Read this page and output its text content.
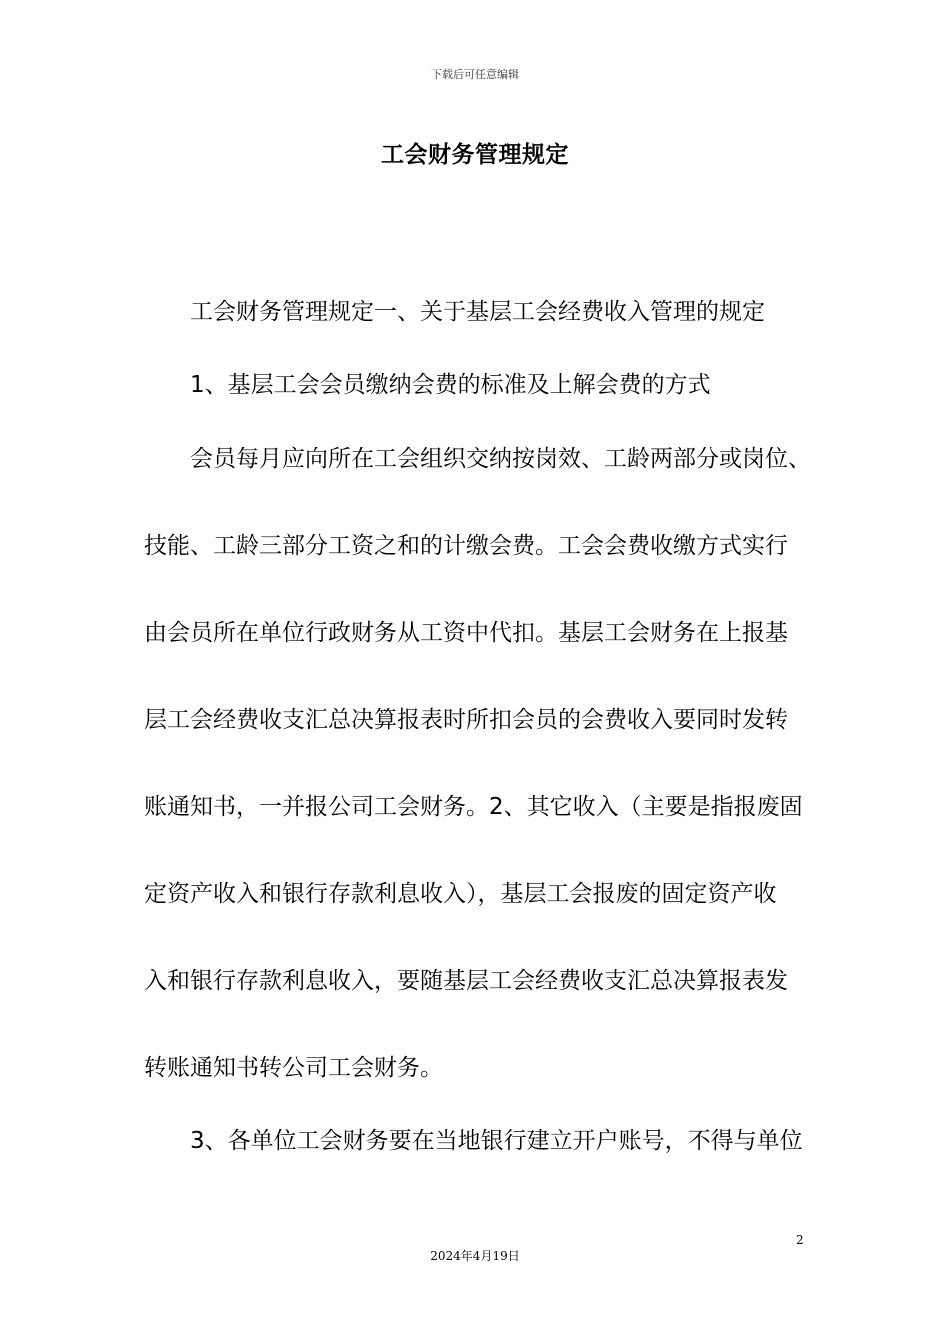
下载后可任意编辑
工会财务管理规定
工会财务管理规定一、关于基层工会经费收入管理的规定
1、基层工会会员缴纳会费的标准及上解会费的方式
会员每月应向所在工会组织交纳按岗效、工龄两部分或岗位、
技能、工龄三部分工资之和的计缴会费。工会会费收缴方式实行
由会员所在单位行政财务从工资中代扣。基层工会财务在上报基
层工会经费收支汇总决算报表时所扣会员的会费收入要同时发转
账通知书，一并报公司工会财务。2、其它收入（主要是指报废固
定资产收入和银行存款利息收入），基层工会报废的固定资产收
入和银行存款利息收入，要随基层工会经费收支汇总决算报表发
转账通知书转公司工会财务。
3、各单位工会财务要在当地银行建立开户账号，不得与单位
2
2024年4月19日
